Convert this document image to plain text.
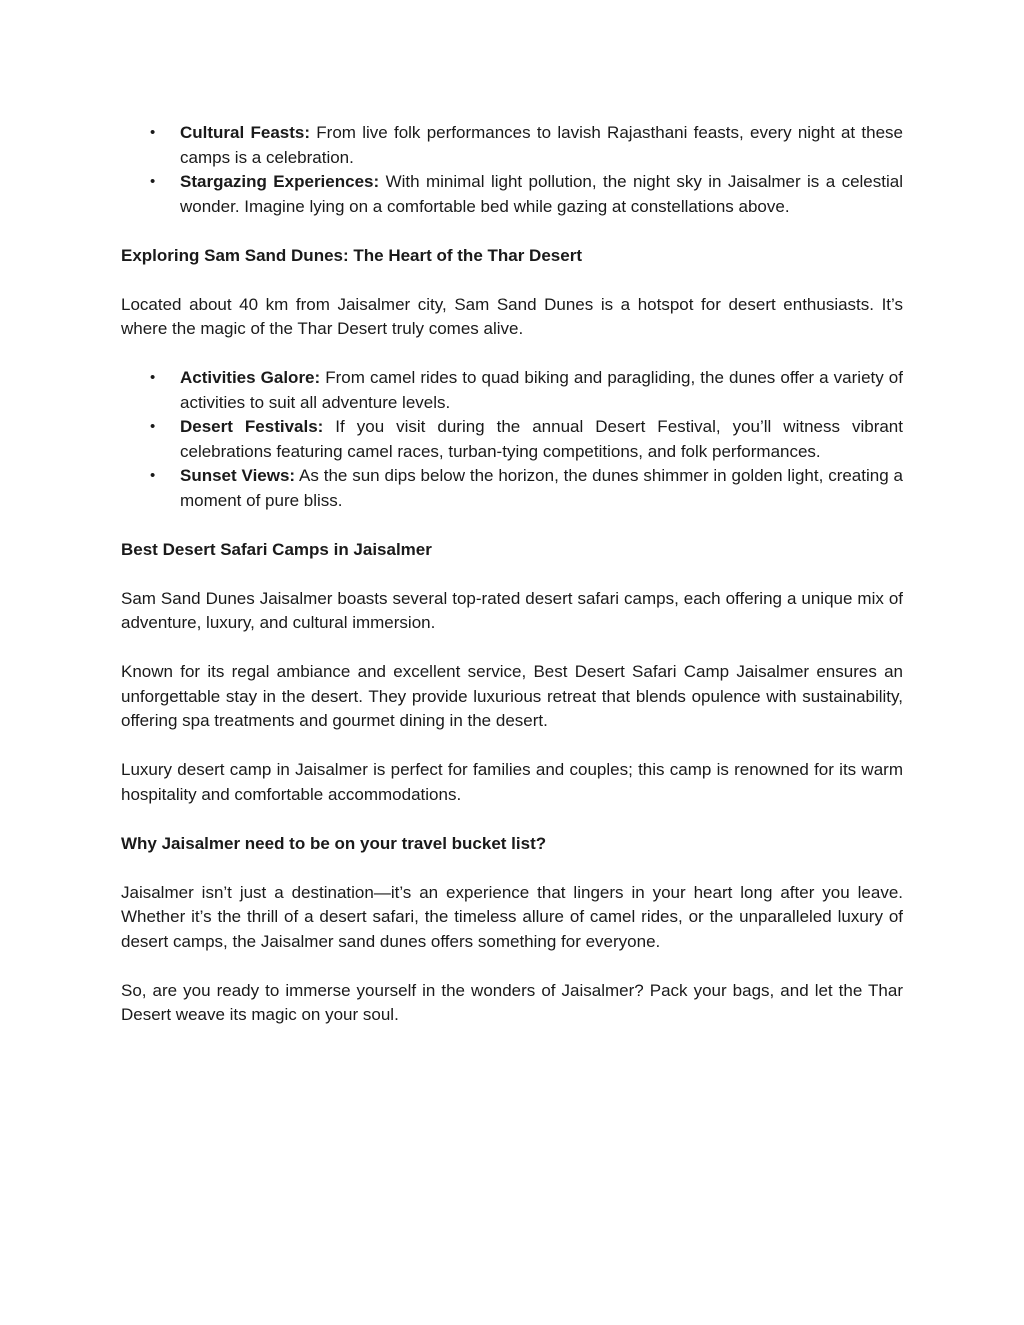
• Cultural Feasts: From live folk performances to lavish Rajasthani feasts, every night at these camps is a celebration.
• Stargazing Experiences: With minimal light pollution, the night sky in Jaisalmer is a celestial wonder. Imagine lying on a comfortable bed while gazing at constellations above.

Exploring Sam Sand Dunes: The Heart of the Thar Desert

Located about 40 km from Jaisalmer city, Sam Sand Dunes is a hotspot for desert enthusiasts. It’s where the magic of the Thar Desert truly comes alive.

• Activities Galore: From camel rides to quad biking and paragliding, the dunes offer a variety of activities to suit all adventure levels.
• Desert Festivals: If you visit during the annual Desert Festival, you’ll witness vibrant celebrations featuring camel races, turban-tying competitions, and folk performances.
• Sunset Views: As the sun dips below the horizon, the dunes shimmer in golden light, creating a moment of pure bliss.

Best Desert Safari Camps in Jaisalmer

Sam Sand Dunes Jaisalmer boasts several top-rated desert safari camps, each offering a unique mix of adventure, luxury, and cultural immersion.

Known for its regal ambiance and excellent service, Best Desert Safari Camp Jaisalmer ensures an unforgettable stay in the desert. They provide luxurious retreat that blends opulence with sustainability, offering spa treatments and gourmet dining in the desert.

Luxury desert camp in Jaisalmer is perfect for families and couples; this camp is renowned for its warm hospitality and comfortable accommodations.

Why Jaisalmer need to be on your travel bucket list?

Jaisalmer isn’t just a destination—it’s an experience that lingers in your heart long after you leave. Whether it’s the thrill of a desert safari, the timeless allure of camel rides, or the unparalleled luxury of desert camps, the Jaisalmer sand dunes offers something for everyone.

So, are you ready to immerse yourself in the wonders of Jaisalmer? Pack your bags, and let the Thar Desert weave its magic on your soul.
